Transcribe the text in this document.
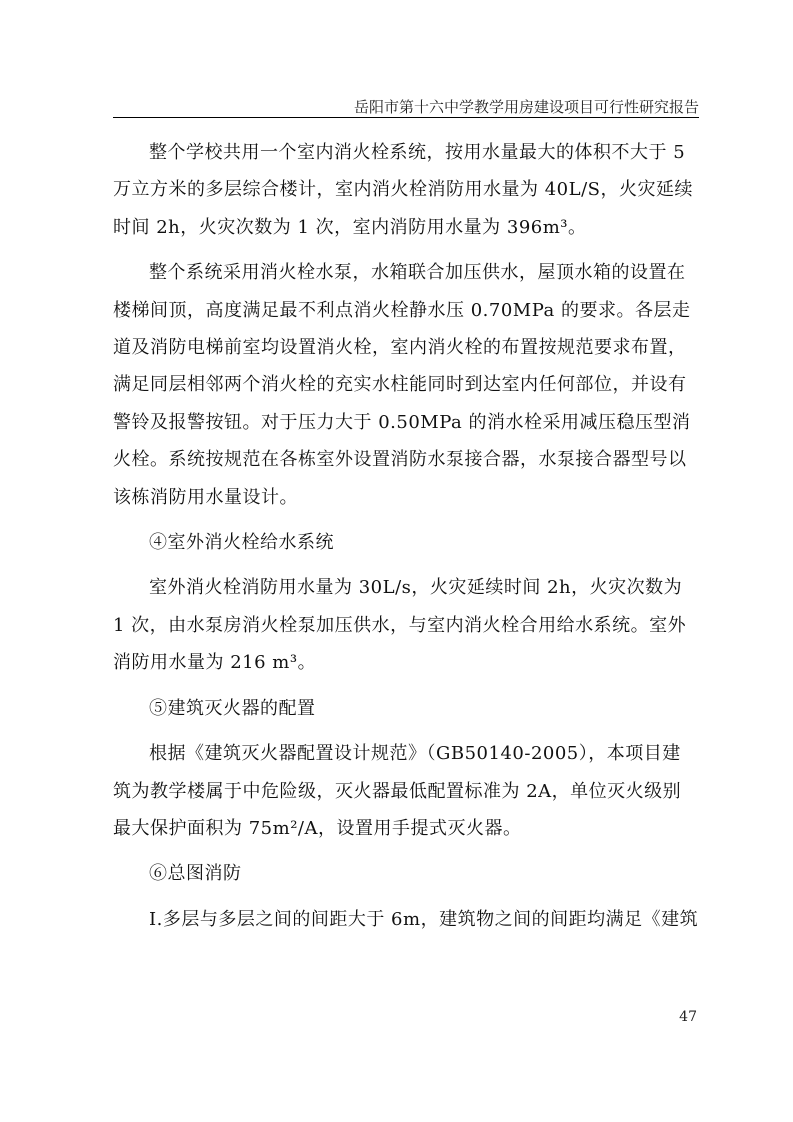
岳阳市第十六中学教学用房建设项目可行性研究报告

整个学校共用一个室内消火栓系统，按用水量最大的体积不大于 5 万立方米的多层综合楼计，室内消火栓消防用水量为 40L/S，火灾延续时间 2h，火灾次数为 1 次，室内消防用水量为 396m³。

整个系统采用消火栓水泵，水箱联合加压供水，屋顶水箱的设置在楼梯间顶，高度满足最不利点消火栓静水压 0.70MPa 的要求。各层走道及消防电梯前室均设置消火栓，室内消火栓的布置按规范要求布置，满足同层相邻两个消火栓的充实水柱能同时到达室内任何部位，并设有警铃及报警按钮。对于压力大于 0.50MPa 的消水栓采用减压稳压型消火栓。系统按规范在各栋室外设置消防水泵接合器，水泵接合器型号以该栋消防用水量设计。

④室外消火栓给水系统

室外消火栓消防用水量为 30L/s，火灾延续时间 2h，火灾次数为 1 次，由水泵房消火栓泵加压供水，与室内消火栓合用给水系统。室外消防用水量为 216 m³。

⑤建筑灭火器的配置

根据《建筑灭火器配置设计规范》（GB50140-2005），本项目建筑为教学楼属于中危险级，灭火器最低配置标准为 2A，单位灭火级别最大保护面积为 75m²/A，设置用手提式灭火器。

⑥总图消防

I.多层与多层之间的间距大于 6m，建筑物之间的间距均满足《建筑

47
